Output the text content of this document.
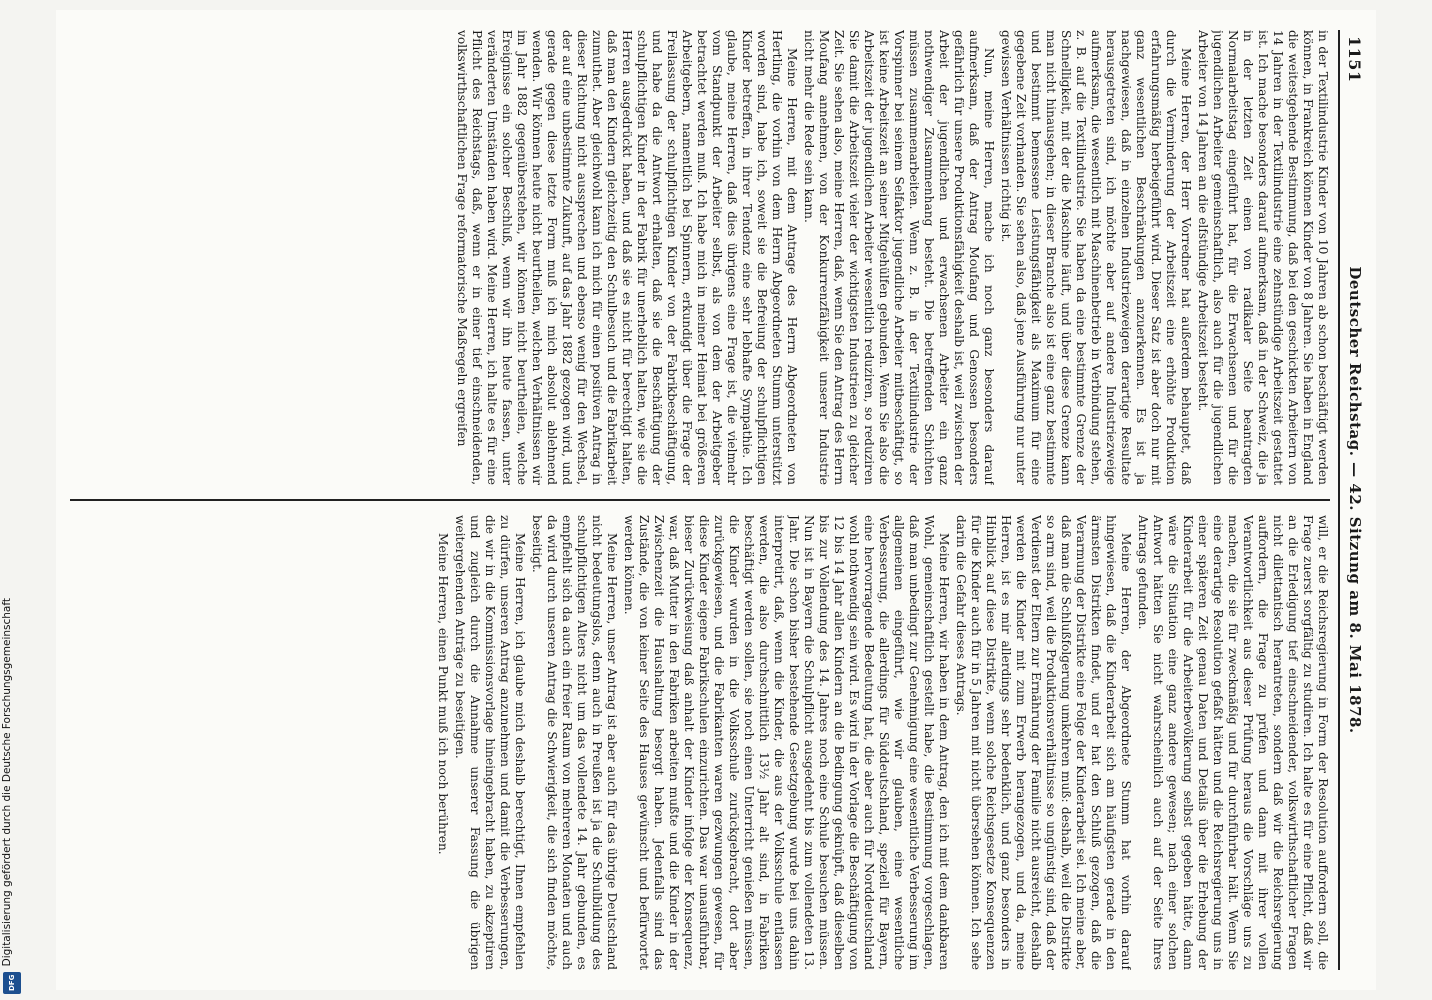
Deutscher Reichstag. — 42. Sitzung am 8. Mai 1878.
1151

in der Textilindustrie Kinder von 10 Jahren ab schon beschäftigt werden können, in Frankreich können Kinder von 8 Jahren. Sie haben in England die weitestgehende Bestimmung, daß bei den geschickten Arbeitern von 14 Jahren in der Textilindustrie eine zehnstündige Arbeitszeit gestattet ist. Ich mache besonders darauf aufmerksam, daß in der Schweiz, die ja in der letzten Zeit einen von radikaler Seite beantragten Normalarbeitstag eingeführt hat, für die Erwachsenen und für die jugendlichen Arbeiter gemeinschaftlich, also auch für die jugendlichen Arbeiter von 14 Jahren an die elfstündige Arbeitszeit besteht.

Meine Herren, der Herr Vorredner hat außerdem behauptet, daß durch die Verminderung der Arbeitszeit eine erhöhte Produktion erfahrungsmäßig herbeigeführt wird. Dieser Satz ist aber doch nur mit ganz wesentlichen Beschränkungen anzuerkennen. Es ist ja nachgewiesen, daß in einzelnen Industriezweigen derartige Resultate herausgetreten sind, ich möchte aber auf andere Industriezweige aufmerksam, die wesentlich mit Maschinenbetrieb in Verbindung stehen, z. B. auf die Textilindustrie. Sie haben da eine bestimmte Grenze der Schnelligkeit, mit der die Maschine läuft, und über diese Grenze kann man nicht hinausgehen; in dieser Branche also ist eine ganz bestimmte und bestimmt bemessene Leistungsfähigkeit als Maximum für eine gegebene Zeit vorhanden. Sie sehen also, daß jene Ausführung nur unter gewissen Verhältnissen richtig ist.

Nun, meine Herren, mache ich noch ganz besonders darauf aufmerksam, daß der Antrag Moufang und Genossen besonders gefährlich für unsere Produktionsfähigkeit deshalb ist, weil zwischen der Arbeit der jugendlichen und erwachsenen Arbeiter ein ganz nothwendiger Zusammenhang besteht. Die betreffenden Schichten müssen zusammenarbeiten. Wenn z. B. in der Textilindustrie der Vorspinner bei seinem Selfaktor jugendliche Arbeiter mitbeschäftigt, so ist keine Arbeitszeit an seiner Mitgehülfen gebunden. Wenn Sie also die Arbeitszeit der jugendlichen Arbeiter wesentlich reduziren, so reduziren Sie damit die Arbeitszeit vieler der wichtigsten Industrieen zu gleicher Zeit. Sie sehen also, meine Herren, daß, wenn Sie den Antrag des Herrn Moufang annehmen, von der Konkurrenzfähigkeit unserer Industrie nicht mehr die Rede sein kann.

Meine Herren, mit dem Antrage des Herrn Abgeordneten von Hertling, die vorhin von dem Herrn Abgeordneten Stumm unterstützt worden sind, habe ich, soweit sie die Befreiung der schulpflichtigen Kinder betreffen, in ihrer Tendenz eine sehr lebhafte Sympathie. Ich glaube, meine Herren, daß dies übrigens eine Frage ist, die vielmehr vom Standpunkt der Arbeiter selbst, als von dem der Arbeitgeber betrachtet werden muß. Ich habe mich in meiner Heimat bei größeren Arbeitgebern, namentlich bei Spinnern, erkundigt über die Frage der Freilassung der schulpflichtigen Kinder von der Fabrikbeschäftigung, und habe da die Antwort erhalten, daß sie die Beschäftigung der schulpflichtigen Kinder in der Fabrik für unerheblich halten, wie sie die Herren ausgedrückt haben, und daß sie es nicht für berechtigt halten, daß man den Kindern gleichzeitig den Schulbesuch und die Fabrikarbeit zumuthet. Aber gleichwohl kann ich mich für einen positiven Antrag in dieser Richtung nicht aussprechen und ebenso wenig für den Wechsel, der auf eine unbestimmte Zukunft, auf das Jahr 1882 gezogen wird, und gerade gegen diese letzte Form muß ich mich absolut ablehnend wenden. Wir können heute nicht beurtheilen, welchen Verhältnissen wir im Jahr 1882 gegenüberstehen, wir können nicht beurtheilen, welche Ereignisse ein solcher Beschluß, wenn wir ihn heute fassen, unter veränderten Umständen haben wird. Meine Herren, ich halte es für eine Pflicht des Reichstags, daß, wenn er in einer tief einschneidenden, volkswirthschaftlichen Frage reformatorische Maßregeln ergreifen

will, er die Reichsregierung in Form der Resolution auffordern soll, die Frage zuerst sorgfältig zu studiren. Ich halte es für eine Pflicht, daß wir an die Erledigung tief einschneidender, volkswirthschaftlicher Fragen nicht dilettantisch herantreten, sondern daß wir die Reichsregierung auffordern, die Frage zu prüfen und dann mit ihrer vollen Verantwortlichkeit aus dieser Prüfung heraus die Vorschläge uns zu machen, die sie für zweckmäßig und für durchführbar hält. Wenn Sie eine derartige Resolution gefaßt hätten und die Reichsregierung uns in einer späteren Zeit genau Daten und Details über die Erhebung der Kinderarbeit für die Arbeiterbevölkerung selbst gegeben hätte, dann wäre die Situation eine ganz andere gewesen; nach einer solchen Antwort hätten Sie nicht wahrscheinlich auch auf der Seite Ihres Antrags gefunden.

Meine Herren, der Abgeordnete Stumm hat vorhin darauf hingewiesen, daß die Kinderarbeit sich am häufigsten gerade in den ärmsten Distrikten findet, und er hat den Schluß gezogen, daß die Verarmung der Distrikte eine Folge der Kinderarbeit sei. Ich meine aber, daß man die Schlußfolgerung umkehren muß: deshalb, weil die Distrikte so arm sind, weil die Produktionsverhältnisse so ungünstig sind, daß der Verdienst der Eltern zur Ernährung der Familie nicht ausreicht, deshalb werden die Kinder mit zum Erwerb herangezogen, und da, meine Herren, ist es mir allerdings sehr bedenklich, und ganz besonders in Hinblick auf diese Distrikte, wenn solche Reichsgesetze Konsequenzen für die Kinder auch für in 5 Jahren mit nicht übersehen können. Ich sehe darin die Gefahr dieses Antrags.

Meine Herren, wir haben in dem Antrag, den ich mit dem dankbaren Wohl, gemeinschaftlich gestellt habe, die Bestimmung vorgeschlagen, daß man unbedingt zur Genehmigung eine wesentliche Verbesserung im allgemeinen eingeführt, wie wir glauben, eine wesentliche Verbesserung, die allerdings für Süddeutschland, speziell für Bayern, eine hervorragende Bedeutung hat, die aber auch für Norddeutschland wohl nothwendig sein wird. Es wird in der Vorlage die Beschäftigung von 12 bis 14 Jahr allen Kindern an die Bedingung geknüpft, daß dieselben bis zur Vollendung des 14. Jahres noch eine Schule besuchen müssen. Nun ist in Bayern die Schulpflicht ausgedehnt bis zum vollendeten 13. Jahr. Die schon bisher bestehende Gesetzgebung wurde bei uns dahin interpretirt, daß, wenn die Kinder, die aus der Volksschule entlassen werden, die also durchschnittlich 13½ Jahr alt sind, in Fabriken beschäftigt werden sollen, sie noch einen Unterricht genießen müssen, die Kinder wurden in die Volksschule zurückgebracht, dort aber zurückgewiesen, und die Fabrikanten waren gezwungen gewesen, für diese Kinder eigene Fabrikschulen einzurichten. Das war unausführbar, bieser Zurückweisung daß anhalt der Kinder infolge der Konsequenz, war, daß Mutter in den Fabriken arbeiten mußte und die Kinder in der Zwischenzeit die Haushaltung besorgt haben. Jedenfalls sind das Zustände, die von keiner Seite des Hauses gewünscht und befürwortet werden können.

Meine Herren, unser Antrag ist aber auch für das übrige Deutschland nicht bedeutungslos, denn auch in Preußen ist ja die Schulbildung des schulpflichtigen Alters nicht um das vollendete 14. Jahr gebunden, es empfiehlt sich da auch ein freier Raum von mehreren Monaten und auch da wird durch unseren Antrag die Schwierigkeit, die sich finden möchte, beseitigt.

Meine Herren, ich glaube mich deshalb berechtigt, Ihnen empfehlen zu dürfen, unseren Antrag anzunehmen und damit die Verbesserungen, die wir in die Kommissionsvorlage hineingebracht haben, zu akzeptiren und zugleich durch die Annahme unserer Fassung die übrigen weitergehenden Anträge zu beseitigen.

Meine Herren, einen Punkt muß ich noch berühren.

Digitalisierung gefördert durch die Deutsche Forschungsgemeinschaft
DFG
